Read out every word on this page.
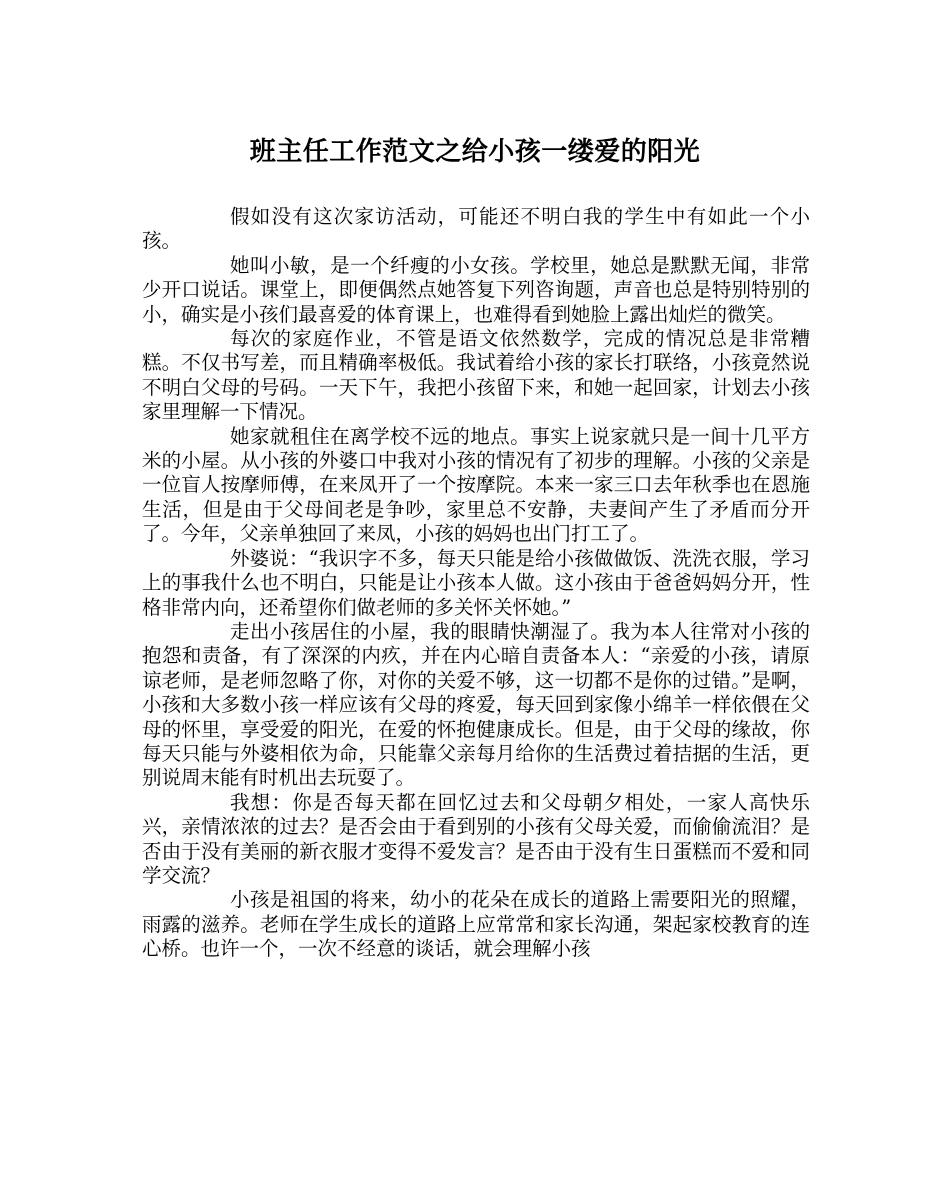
班主任工作范文之给小孩一缕爱的阳光

假如没有这次家访活动，可能还不明白我的学生中有如此一个小孩。

她叫小敏，是一个纤瘦的小女孩。学校里，她总是默默无闻，非常少开口说话。课堂上，即便偶然点她答复下列咨询题，声音也总是特别特别的小，确实是小孩们最喜爱的体育课上，也难得看到她脸上露出灿烂的微笑。

每次的家庭作业，不管是语文依然数学，完成的情况总是非常糟糕。不仅书写差，而且精确率极低。我试着给小孩的家长打联络，小孩竟然说不明白父母的号码。一天下午，我把小孩留下来，和她一起回家，计划去小孩家里理解一下情况。

她家就租住在离学校不远的地点。事实上说家就只是一间十几平方米的小屋。从小孩的外婆口中我对小孩的情况有了初步的理解。小孩的父亲是一位盲人按摩师傅，在来凤开了一个按摩院。本来一家三口去年秋季也在恩施生活，但是由于父母间老是争吵，家里总不安静，夫妻间产生了矛盾而分开了。今年，父亲单独回了来凤，小孩的妈妈也出门打工了。

外婆说：“我识字不多，每天只能是给小孩做做饭、洗洗衣服，学习上的事我什么也不明白，只能是让小孩本人做。这小孩由于爸爸妈妈分开，性格非常内向，还希望你们做老师的多关怀关怀她。”

走出小孩居住的小屋，我的眼睛快潮湿了。我为本人往常对小孩的抱怨和责备，有了深深的内疚，并在内心暗自责备本人：“亲爱的小孩，请原谅老师，是老师忽略了你，对你的关爱不够，这一切都不是你的过错。”是啊，小孩和大多数小孩一样应该有父母的疼爱，每天回到家像小绵羊一样依偎在父母的怀里，享受爱的阳光，在爱的怀抱健康成长。但是，由于父母的缘故，你每天只能与外婆相依为命，只能靠父亲每月给你的生活费过着拮据的生活，更别说周末能有时机出去玩耍了。

我想：你是否每天都在回忆过去和父母朝夕相处，一家人高快乐兴，亲情浓浓的过去？是否会由于看到别的小孩有父母关爱，而偷偷流泪？是否由于没有美丽的新衣服才变得不爱发言？是否由于没有生日蛋糕而不爱和同学交流？

小孩是祖国的将来，幼小的花朵在成长的道路上需要阳光的照耀，雨露的滋养。老师在学生成长的道路上应常常和家长沟通，架起家校教育的连心桥。也许一个，一次不经意的谈话，就会理解小孩
